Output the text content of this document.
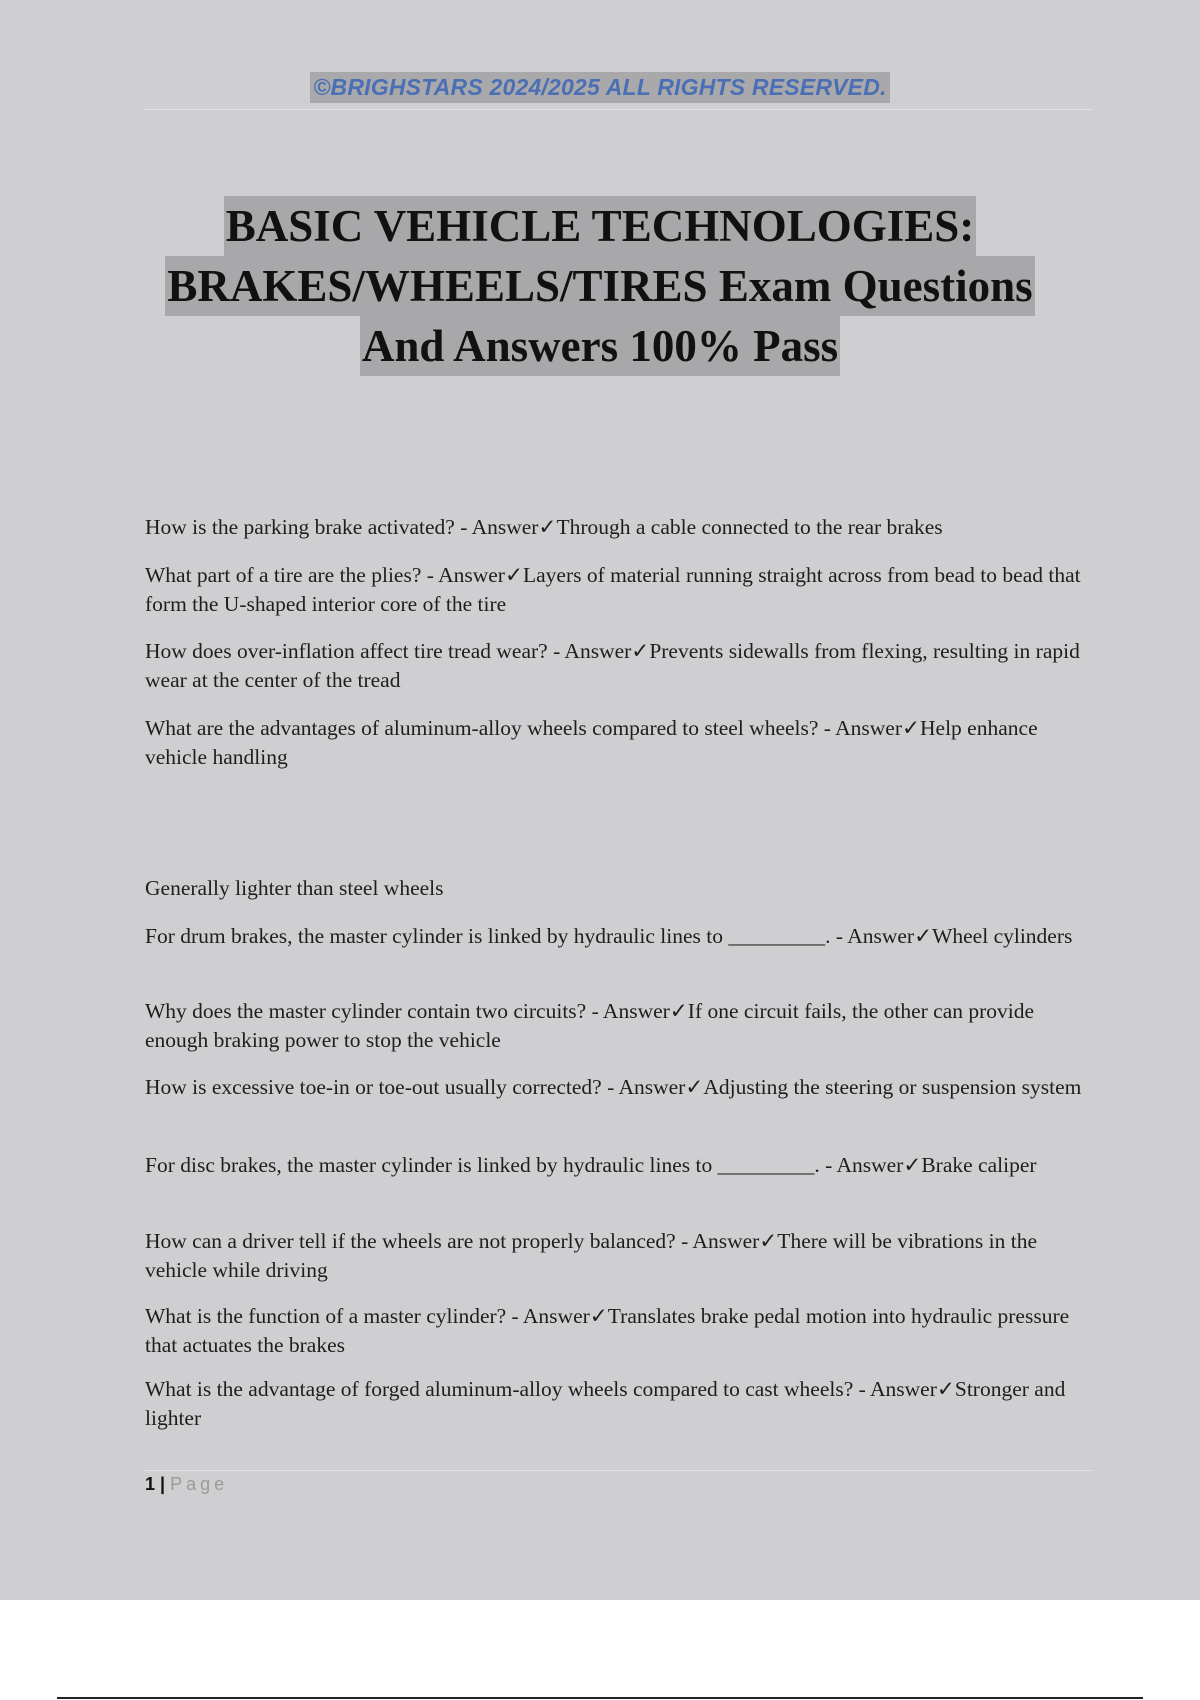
©BRIGHSTARS 2024/2025 ALL RIGHTS RESERVED.
BASIC VEHICLE TECHNOLOGIES:
BRAKES/WHEELS/TIRES Exam Questions
And Answers 100% Pass
How is the parking brake activated? - Answer✓Through a cable connected to the rear brakes
What part of a tire are the plies? - Answer✓Layers of material running straight across from bead to bead that form the U-shaped interior core of the tire
How does over-inflation affect tire tread wear? - Answer✓Prevents sidewalls from flexing, resulting in rapid wear at the center of the tread
What are the advantages of aluminum-alloy wheels compared to steel wheels? - Answer✓Help enhance vehicle handling
Generally lighter than steel wheels
For drum brakes, the master cylinder is linked by hydraulic lines to _________. - Answer✓Wheel cylinders
Why does the master cylinder contain two circuits? - Answer✓If one circuit fails, the other can provide enough braking power to stop the vehicle
How is excessive toe-in or toe-out usually corrected? - Answer✓Adjusting the steering or suspension system
For disc brakes, the master cylinder is linked by hydraulic lines to _________. - Answer✓Brake caliper
How can a driver tell if the wheels are not properly balanced? - Answer✓There will be vibrations in the vehicle while driving
What is the function of a master cylinder? - Answer✓Translates brake pedal motion into hydraulic pressure that actuates the brakes
What is the advantage of forged aluminum-alloy wheels compared to cast wheels? - Answer✓Stronger and lighter
1 | Page
